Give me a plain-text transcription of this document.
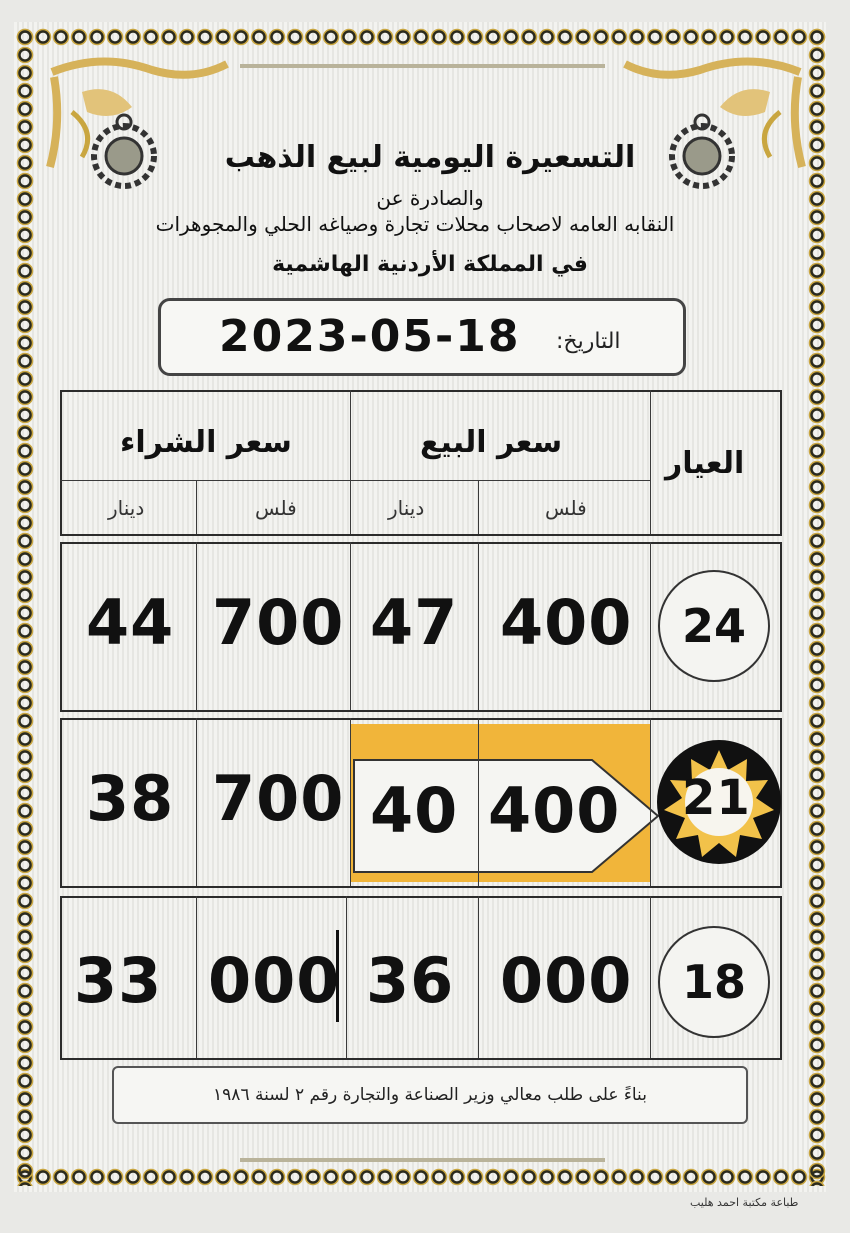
التسعيرة اليومية لبيع الذهب
والصادرة عن
النقابه العامه لاصحاب محلات تجارة وصياغه الحلي والمجوهرات
في المملكة الأردنية الهاشمية
2023-05-18 التاريخ:
العيار
سعر البيع
سعر الشراء
دينار	فلس
دينار	فلس
24
400
47
700
44
21
400
40
700
38
18
000
36
000
33
بناءً على طلب معالي وزير الصناعة والتجارة رقم ٢ لسنة ١٩٨٦
طباعة مكتبة احمد هليب
